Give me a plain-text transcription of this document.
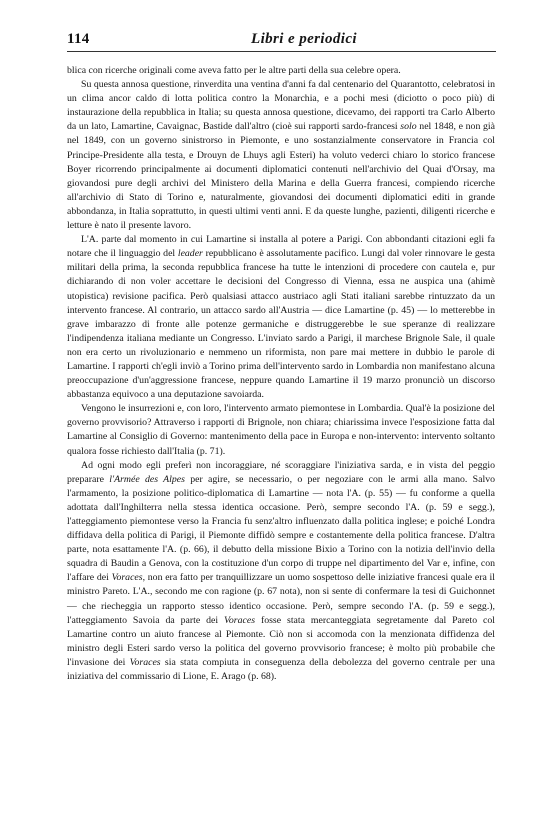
114	Libri e periodici

blica con ricerche originali come aveva fatto per le altre parti della sua celebre opera.

Su questa annosa questione, rinverdita una ventina d'anni fa dal centenario del Quarantotto, celebratosi in un clima ancor caldo di lotta politica contro la Monarchia, e a pochi mesi (diciotto o poco più) di instaurazione della repubblica in Italia; su questa annosa questione, dicevamo, dei rapporti tra Carlo Alberto da un lato, Lamartine, Cavaignac, Bastide dall'altro (cioè sui rapporti sardo-francesi solo nel 1848, e non già nel 1849, con un governo sinistrorso in Piemonte, e uno sostanzialmente conservatore in Francia col Principe-Presidente alla testa, e Drouyn de Lhuys agli Esteri) ha voluto vederci chiaro lo storico francese Boyer ricorrendo principalmente ai documenti diplomatici contenuti nell'archivio del Quai d'Orsay, ma giovandosi pure degli archivi del Ministero della Marina e della Guerra francesi, compiendo ricerche all'archivio di Stato di Torino e, naturalmente, giovandosi dei documenti diplomatici editi in grande abbondanza, in Italia soprattutto, in questi ultimi venti anni. E da queste lunghe, pazienti, diligenti ricerche e letture è nato il presente lavoro.

L'A. parte dal momento in cui Lamartine si installa al potere a Parigi. Con abbondanti citazioni egli fa notare che il linguaggio del leader repubblicano è assolutamente pacifico. Lungi dal voler rinnovare le gesta militari della prima, la seconda repubblica francese ha tutte le intenzioni di procedere con cautela e, pur dichiarando di non voler accettare le decisioni del Congresso di Vienna, essa ne auspica una (ahimè utopistica) revisione pacifica. Però qualsiasi attacco austriaco agli Stati italiani sarebbe rintuzzato da un intervento francese. Al contrario, un attacco sardo all'Austria — dice Lamartine (p. 45) — lo metterebbe in grave imbarazzo di fronte alle potenze germaniche e distruggerebbe le sue speranze di realizzare l'indipendenza italiana mediante un Congresso. L'inviato sardo a Parigi, il marchese Brignole Sale, il quale non era certo un rivoluzionario e nemmeno un riformista, non pare mai mettere in dubbio le parole di Lamartine. I rapporti ch'egli inviò a Torino prima dell'intervento sardo in Lombardia non manifestano alcuna preoccupazione d'un'aggressione francese, neppure quando Lamartine il 19 marzo pronunciò un discorso abbastanza equivoco a una deputazione savoiarda.

Vengono le insurrezioni e, con loro, l'intervento armato piemontese in Lombardia. Qual'è la posizione del governo provvisorio? Attraverso i rapporti di Brignole, non chiara; chiarissima invece l'esposizione fatta dal Lamartine al Consiglio di Governo: mantenimento della pace in Europa e non-intervento: intervento soltanto qualora fosse richiesto dall'Italia (p. 71).

Ad ogni modo egli preferì non incoraggiare, né scoraggiare l'iniziativa sarda, e in vista del peggio preparare l'Armée des Alpes per agire, se necessario, o per negoziare con le armi alla mano. Salvo l'armamento, la posizione politico-diplomatica di Lamartine — nota l'A. (p. 55) — fu conforme a quella adottata dall'Inghilterra nella stessa identica occasione. Però, sempre secondo l'A. (p. 59 e segg.), l'atteggiamento piemontese verso la Francia fu senz'altro influenzato dalla politica inglese; e poiché Londra diffidava della politica di Parigi, il Piemonte diffidò sempre e costantemente della politica francese. D'altra parte, nota esattamente l'A. (p. 66), il debutto della missione Bixio a Torino con la notizia dell'invio della squadra di Baudin a Genova, con la costituzione d'un corpo di truppe nel dipartimento del Var e, infine, con l'affare dei Voraces, non era fatto per tranquillizzare un uomo sospettoso delle iniziative francesi quale era il ministro Pareto. L'A., secondo me con ragione (p. 67 nota), non si sente di confermare la tesi di Guichonnet — che riecheggia un rapporto stesso identico occasione. Però, sempre secondo l'A. (p. 59 e segg.), l'atteggiamento Savoia da parte dei Voraces fosse stata mercanteggiata segretamente dal Pareto col Lamartine contro un aiuto francese al Piemonte. Ciò non si accomoda con la menzionata diffidenza del ministro degli Esteri sardo verso la politica del governo provvisorio francese; è molto più probabile che l'invasione dei Voraces sia stata compiuta in conseguenza della debolezza del governo centrale per una iniziativa del commissario di Lione, E. Arago (p. 68).
